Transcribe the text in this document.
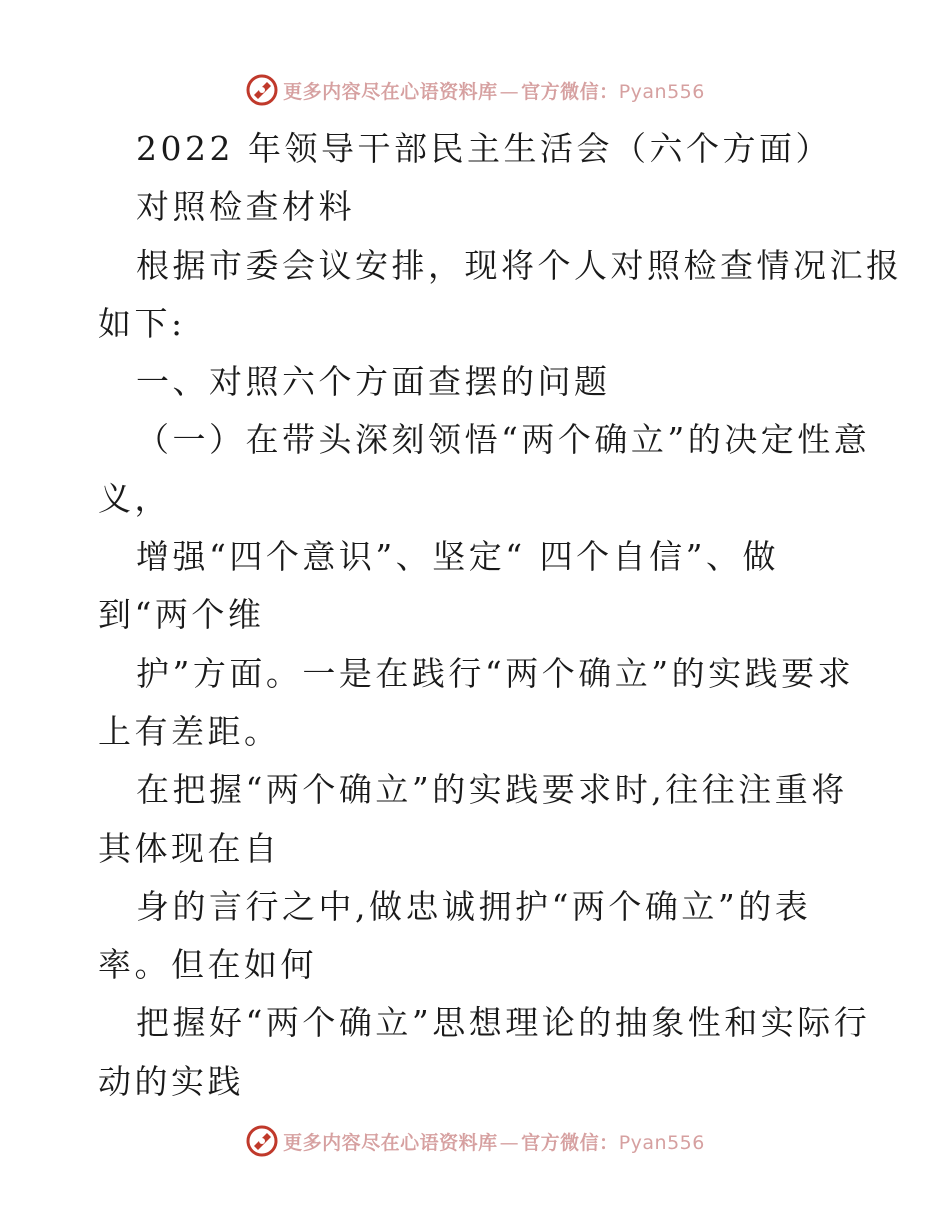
更多内容尽在心语资料库 — 官方微信：Pyan556
2022 年领导干部民主生活会（六个方面）
对照检查材料
根据市委会议安排，现将个人对照检查情况汇报
如下:
一、对照六个方面查摆的问题
（一）在带头深刻领悟“两个确立”的决定性意
义，
增强“四个意识”、坚定“ 四个自信”、做
到“两个维
护”方面。一是在践行“两个确立”的实践要求
上有差距。
在把握“两个确立”的实践要求时,往往注重将
其体现在自
身的言行之中,做忠诚拥护“两个确立”的表
率。但在如何
把握好“两个确立”思想理论的抽象性和实际行
动的实践
更多内容尽在心语资料库 — 官方微信：Pyan556
